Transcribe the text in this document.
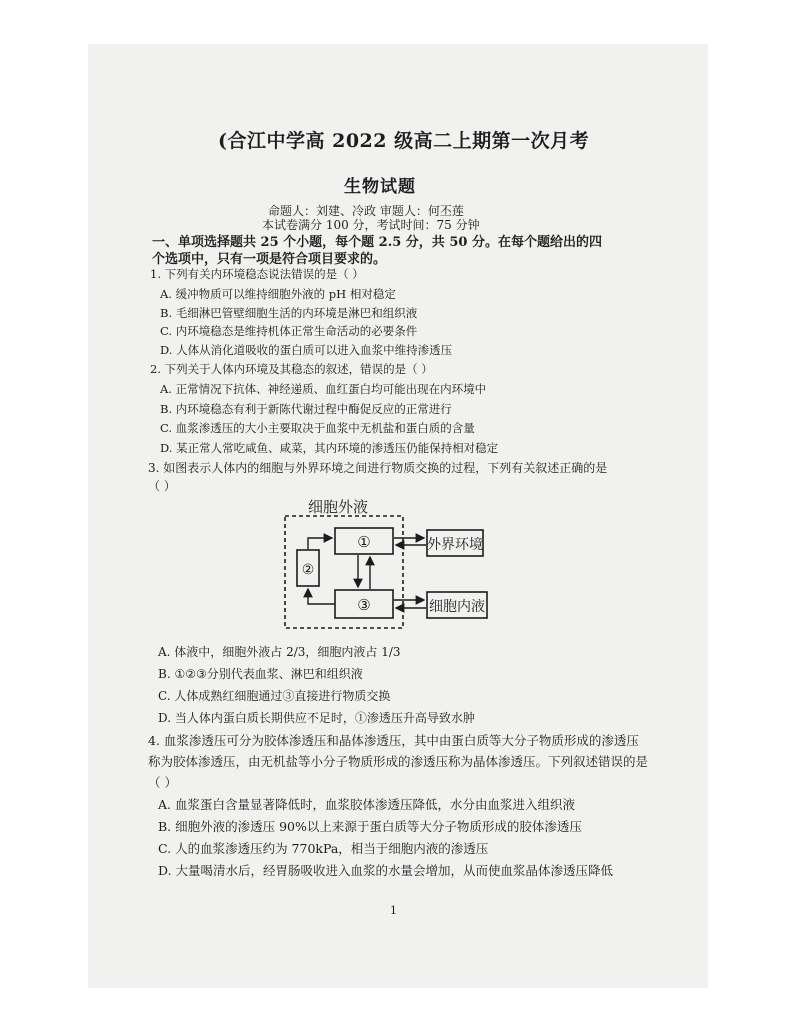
(合江中学高 2022 级高二上期第一次月考
生物试题
命题人：刘建、冷政 审题人：何丕莲
本试卷满分 100 分，考试时间：75 分钟
一、单项选择题共 25 个小题，每个题 2.5 分，共 50 分。在每个题给出的四
个选项中，只有一项是符合项目要求的。
1. 下列有关内环境稳态说法错误的是（ ）
A. 缓冲物质可以维持细胞外液的 pH 相对稳定
B. 毛细淋巴管壁细胞生活的内环境是淋巴和组织液
C. 内环境稳态是维持机体正常生命活动的必要条件
D. 人体从消化道吸收的蛋白质可以进入血浆中维持渗透压
2. 下列关于人体内环境及其稳态的叙述，错误的是（ ）
A. 正常情况下抗体、神经递质、血红蛋白均可能出现在内环境中
B. 内环境稳态有利于新陈代谢过程中酶促反应的正常进行
C. 血浆渗透压的大小主要取决于血浆中无机盐和蛋白质的含量
D. 某正常人常吃咸鱼、咸菜，其内环境的渗透压仍能保持相对稳定
3. 如图表示人体内的细胞与外界环境之间进行物质交换的过程，下列有关叙述正确的是
（ ）
细胞外液
①
②
③
外界环境
细胞内液
A. 体液中，细胞外液占 2/3，细胞内液占 1/3
B. ①②③分别代表血浆、淋巴和组织液
C. 人体成熟红细胞通过③直接进行物质交换
D. 当人体内蛋白质长期供应不足时，①渗透压升高导致水肿
4. 血浆渗透压可分为胶体渗透压和晶体渗透压，其中由蛋白质等大分子物质形成的渗透压
称为胶体渗透压，由无机盐等小分子物质形成的渗透压称为晶体渗透压。下列叙述错误的是
（ ）
A. 血浆蛋白含量显著降低时，血浆胶体渗透压降低，水分由血浆进入组织液
B. 细胞外液的渗透压 90%以上来源于蛋白质等大分子物质形成的胶体渗透压
C. 人的血浆渗透压约为 770kPa，相当于细胞内液的渗透压
D. 大量喝清水后，经胃肠吸收进入血浆的水量会增加，从而使血浆晶体渗透压降低
1
